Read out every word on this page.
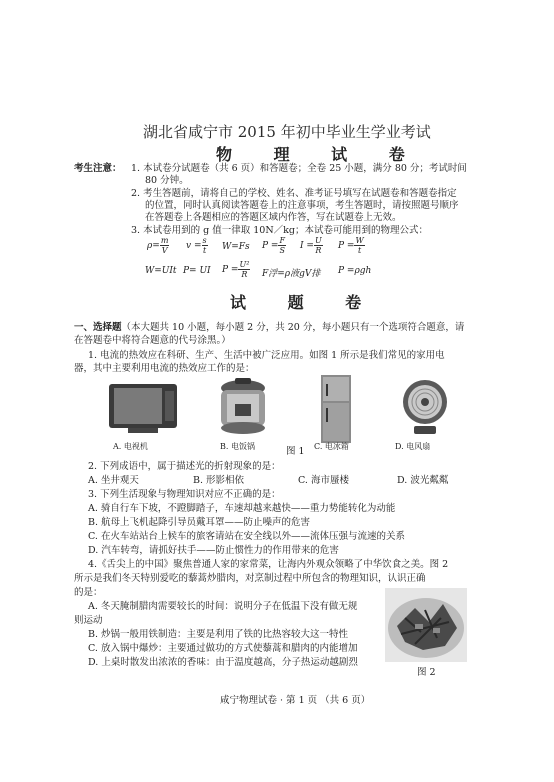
湖北省咸宁市 2015 年初中毕业生学业考试
物 理 试 卷
考生注意： 1. 本试卷分试题卷（共 6 页）和答题卷；全卷 25 小题，满分 80 分；考试时间
80 分钟。
2. 考生答题前，请将自己的学校、姓名、准考证号填写在试题卷和答题卷指定
的位置，同时认真阅读答题卷上的注意事项，考生答题时，请按照题号顺序
在答题卷上各题相应的答题区域内作答，写在试题卷上无效。
3. 本试卷用到的 g 值一律取 10N／kg；本试卷可能用到的物理公式：
$\rho= \frac{m}{V}$ $v = \frac{s}{t} W=Fs$ $P = \frac{F}{S}$ $I = \frac{U}{R}$ $P = \frac{W}{t}$
W=UIt P= UI $P = \frac{\text{U²}}{R}$ F浮=ρ液gV排 P =ρgh
试 题 卷
一、选择题（本大题共 10 小题，每小题 2 分，共 20 分，每小题只有一个选项符合题意，请
在答题卷中将符合题意的代号涂黑。）
1. 电流的热效应在科研、生产、生活中被广泛应用。如图 1 所示是我们常见的家用电
器，其中主要利用电流的热效应工作的是：
A. 电视机	B. 电饭锅	图 1 C. 电冰箱	D. 电风扇
2. 下列成语中，属于描述光的折射现象的是：
A. 坐井观天	B. 形影相依	C. 海市蜃楼	D. 波光粼粼
3. 下列生活现象与物理知识对应不正确的是：
A. 骑自行车下坡，不蹬脚踏子，车速却越来越快——重力势能转化为动能
B. 航母上飞机起降引导员戴耳罩——防止噪声的危害
C. 在火车站站台上候车的旅客请站在安全线以外——流体压强与流速的关系
D. 汽车转弯，请抓好扶手——防止惯性力的作用带来的危害
4.《舌尖上的中国》聚焦普通人家的家常菜，让海内外观众领略了中华饮食之美。图 2
所示是我们冬天特别爱吃的藜蒿炒腊肉，对烹制过程中所包含的物理知识，认识正确
的是：
A. 冬天腌制腊肉需要较长的时间：说明分子在低温下没有做无规
则运动
B. 炒锅一般用铁制造：主要是利用了铁的比热容较大这一特性
C. 放入锅中爆炒：主要通过做功的方式使藜蒿和腊肉的内能增加
D. 上桌时散发出浓浓的香味：由于温度越高，分子热运动越剧烈
图 2
咸宁物理试卷 · 第 1 页 （共 6 页）
